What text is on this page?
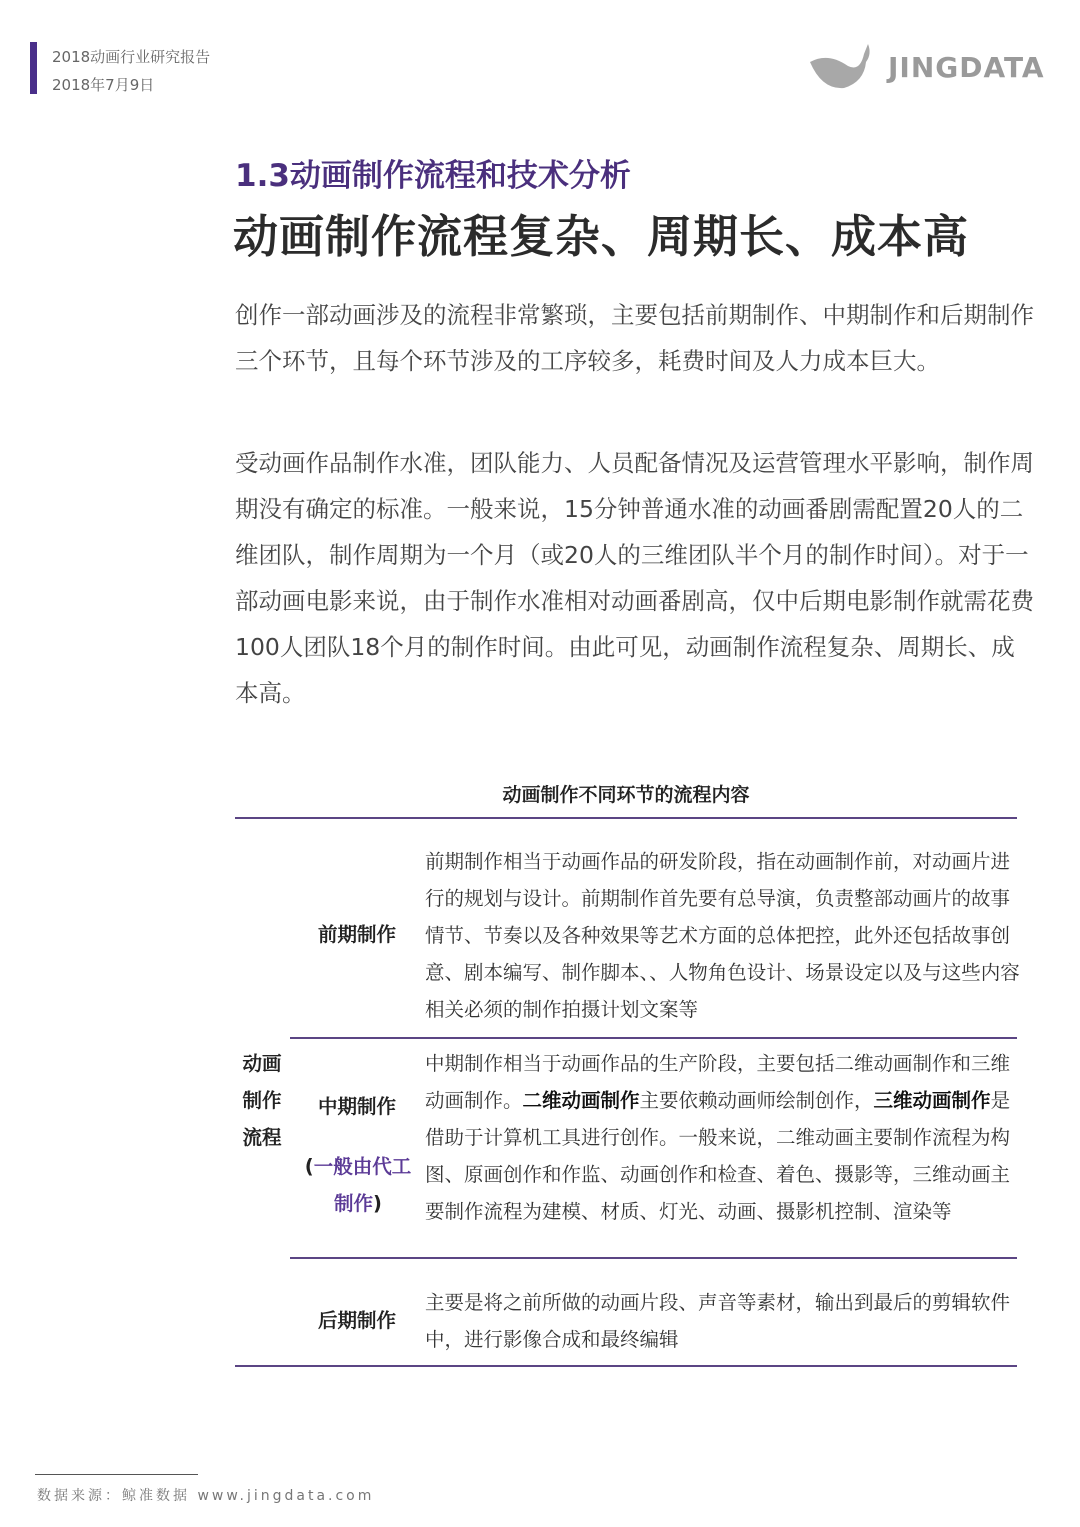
2018动画行业研究报告
2018年7月9日
JINGDATA
1.3动画制作流程和技术分析
动画制作流程复杂、周期长、成本高
创作一部动画涉及的流程非常繁琐，主要包括前期制作、中期制作和后期制作三个环节，且每个环节涉及的工序较多，耗费时间及人力成本巨大。
受动画作品制作水准，团队能力、人员配备情况及运营管理水平影响，制作周期没有确定的标准。一般来说，15分钟普通水准的动画番剧需配置20人的二维团队，制作周期为一个月（或20人的三维团队半个月的制作时间）。对于一部动画电影来说，由于制作水准相对动画番剧高，仅中后期电影制作就需花费100人团队18个月的制作时间。由此可见，动画制作流程复杂、周期长、成本高。
动画制作不同环节的流程内容
动画
制作
流程
前期制作
前期制作相当于动画作品的研发阶段，指在动画制作前，对动画片进行的规划与设计。前期制作首先要有总导演，负责整部动画片的故事情节、节奏以及各种效果等艺术方面的总体把控，此外还包括故事创意、剧本编写、制作脚本、、人物角色设计、场景设定以及与这些内容相关必须的制作拍摄计划文案等
中期制作
(一般由代工制作)
中期制作相当于动画作品的生产阶段，主要包括二维动画制作和三维动画制作。二维动画制作主要依赖动画师绘制创作，三维动画制作是借助于计算机工具进行创作。一般来说，二维动画主要制作流程为构图、原画创作和作监、动画创作和检查、着色、摄影等，三维动画主要制作流程为建模、材质、灯光、动画、摄影机控制、渲染等
后期制作
主要是将之前所做的动画片段、声音等素材，输出到最后的剪辑软件中，进行影像合成和最终编辑
数据来源：鲸准数据 www.jingdata.com
